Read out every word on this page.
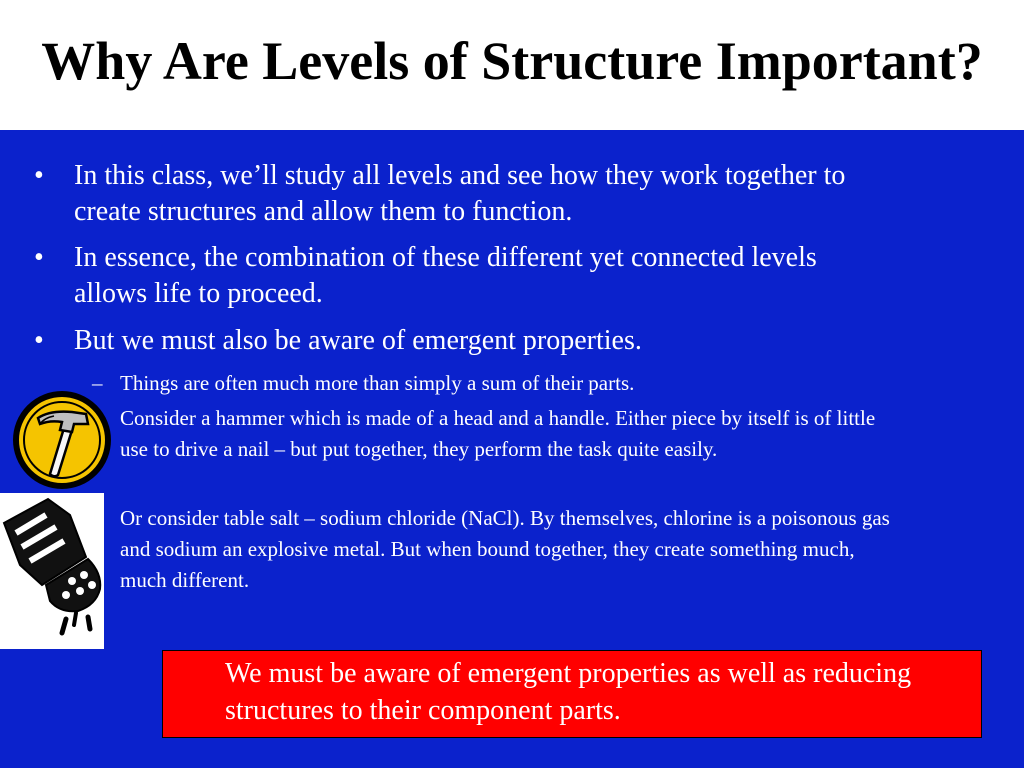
Why Are Levels of Structure Important?
• In this class, we’ll study all levels and see how they work together to create structures and allow them to function.
• In essence, the combination of these different yet connected levels allows life to proceed.
• But we must also be aware of emergent properties.
– Things are often much more than simply a sum of their parts.
– Consider a hammer which is made of a head and a handle. Either piece by itself is of little use to drive a nail – but put together, they perform the task quite easily.
– Or consider table salt – sodium chloride (NaCl). By themselves, chlorine is a poisonous gas and sodium an explosive metal. But when bound together, they create something much, much different.
We must be aware of emergent properties as well as reducing structures to their component parts.
